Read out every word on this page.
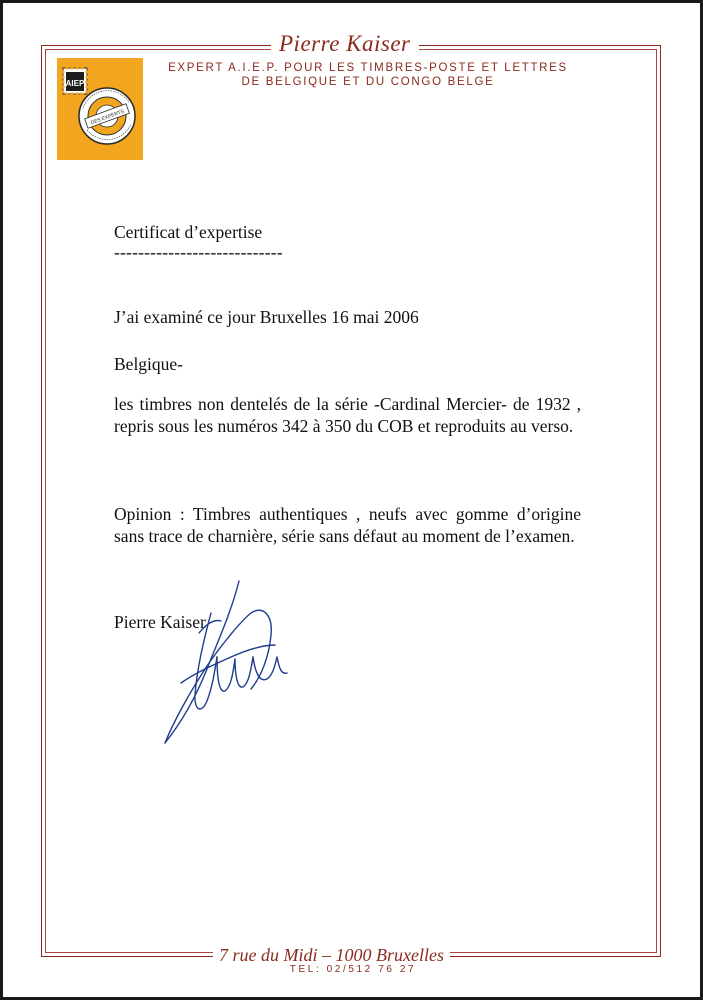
Pierre Kaiser
EXPERT A.I.E.P. POUR LES TIMBRES-POSTE ET LETTRES
DE BELGIQUE ET DU CONGO BELGE
AIEP
DES EXPERTS
Certificat d’expertise
----------------------------
J’ai examiné ce jour Bruxelles 16 mai 2006
Belgique-
les timbres non dentelés de la série -Cardinal Mercier- de 1932 , repris sous les numéros 342 à 350 du COB et reproduits au verso.
Opinion : Timbres authentiques , neufs avec gomme d’origine sans trace de charnière, série sans défaut au moment de l’examen.
Pierre Kaiser
7 rue du Midi – 1000 Bruxelles
TEL: 02/512 76 27
